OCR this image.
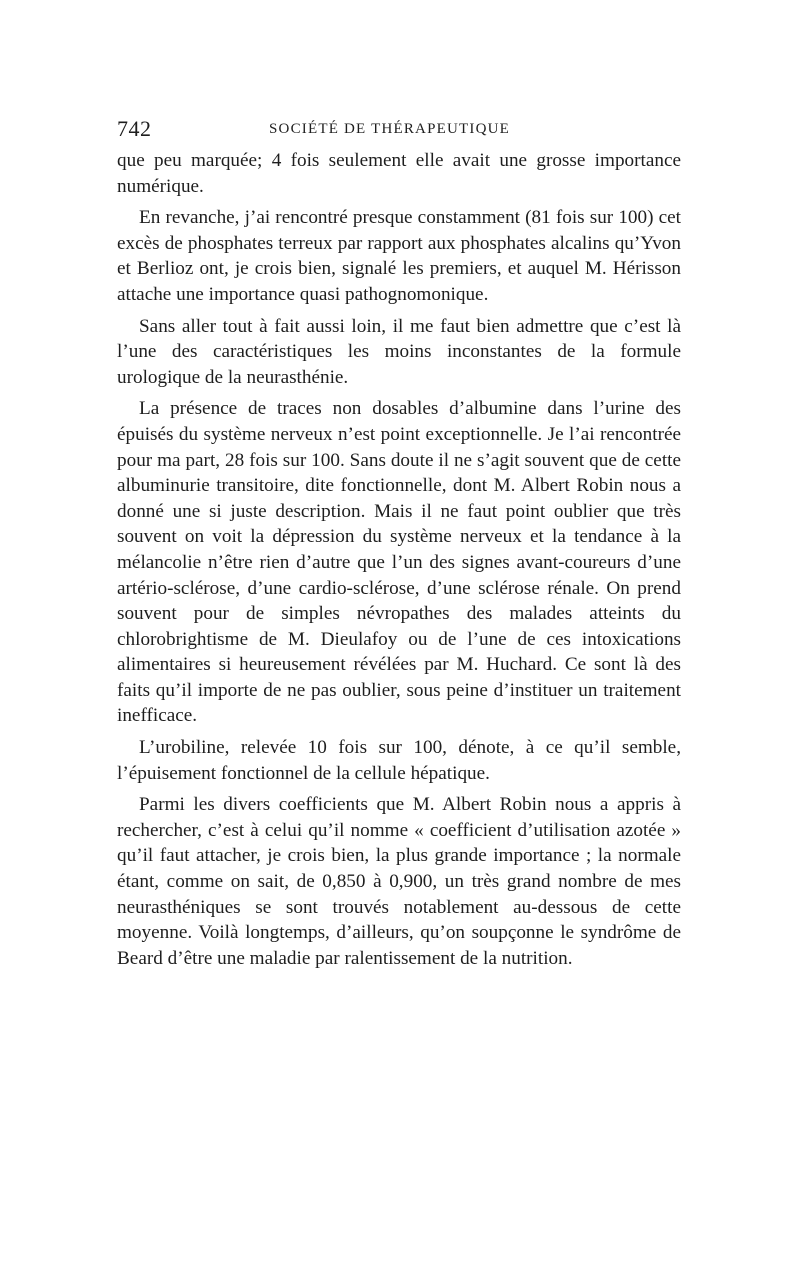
742	SOCIÉTÉ DE THÉRAPEUTIQUE

que peu marquée; 4 fois seulement elle avait une grosse importance numérique.

En revanche, j’ai rencontré presque constamment (81 fois sur 100) cet excès de phosphates terreux par rapport aux phosphates alcalins qu’Yvon et Berlioz ont, je crois bien, signalé les premiers, et auquel M. Hérisson attache une importance quasi pathognomonique.

Sans aller tout à fait aussi loin, il me faut bien admettre que c’est là l’une des caractéristiques les moins inconstantes de la formule urologique de la neurasthénie.

La présence de traces non dosables d’albumine dans l’urine des épuisés du système nerveux n’est point exceptionnelle. Je l’ai rencontrée pour ma part, 28 fois sur 100. Sans doute il ne s’agit souvent que de cette albuminurie transitoire, dite fonctionnelle, dont M. Albert Robin nous a donné une si juste description. Mais il ne faut point oublier que très souvent on voit la dépression du système nerveux et la tendance à la mélancolie n’être rien d’autre que l’un des signes avant-coureurs d’une artério-sclérose, d’une cardio-sclérose, d’une sclérose rénale. On prend souvent pour de simples névropathes des malades atteints du chlorobrightisme de M. Dieulafoy ou de l’une de ces intoxications alimentaires si heureusement révélées par M. Huchard. Ce sont là des faits qu’il importe de ne pas oublier, sous peine d’instituer un traitement inefficace.

L’urobiline, relevée 10 fois sur 100, dénote, à ce qu’il semble, l’épuisement fonctionnel de la cellule hépatique.

Parmi les divers coefficients que M. Albert Robin nous a appris à rechercher, c’est à celui qu’il nomme « coefficient d’utilisation azotée » qu’il faut attacher, je crois bien, la plus grande importance ; la normale étant, comme on sait, de 0,850 à 0,900, un très grand nombre de mes neurasthéniques se sont trouvés notablement au-dessous de cette moyenne. Voilà longtemps, d’ailleurs, qu’on soupçonne le syndrôme de Beard d’être une maladie par ralentissement de la nutrition.
